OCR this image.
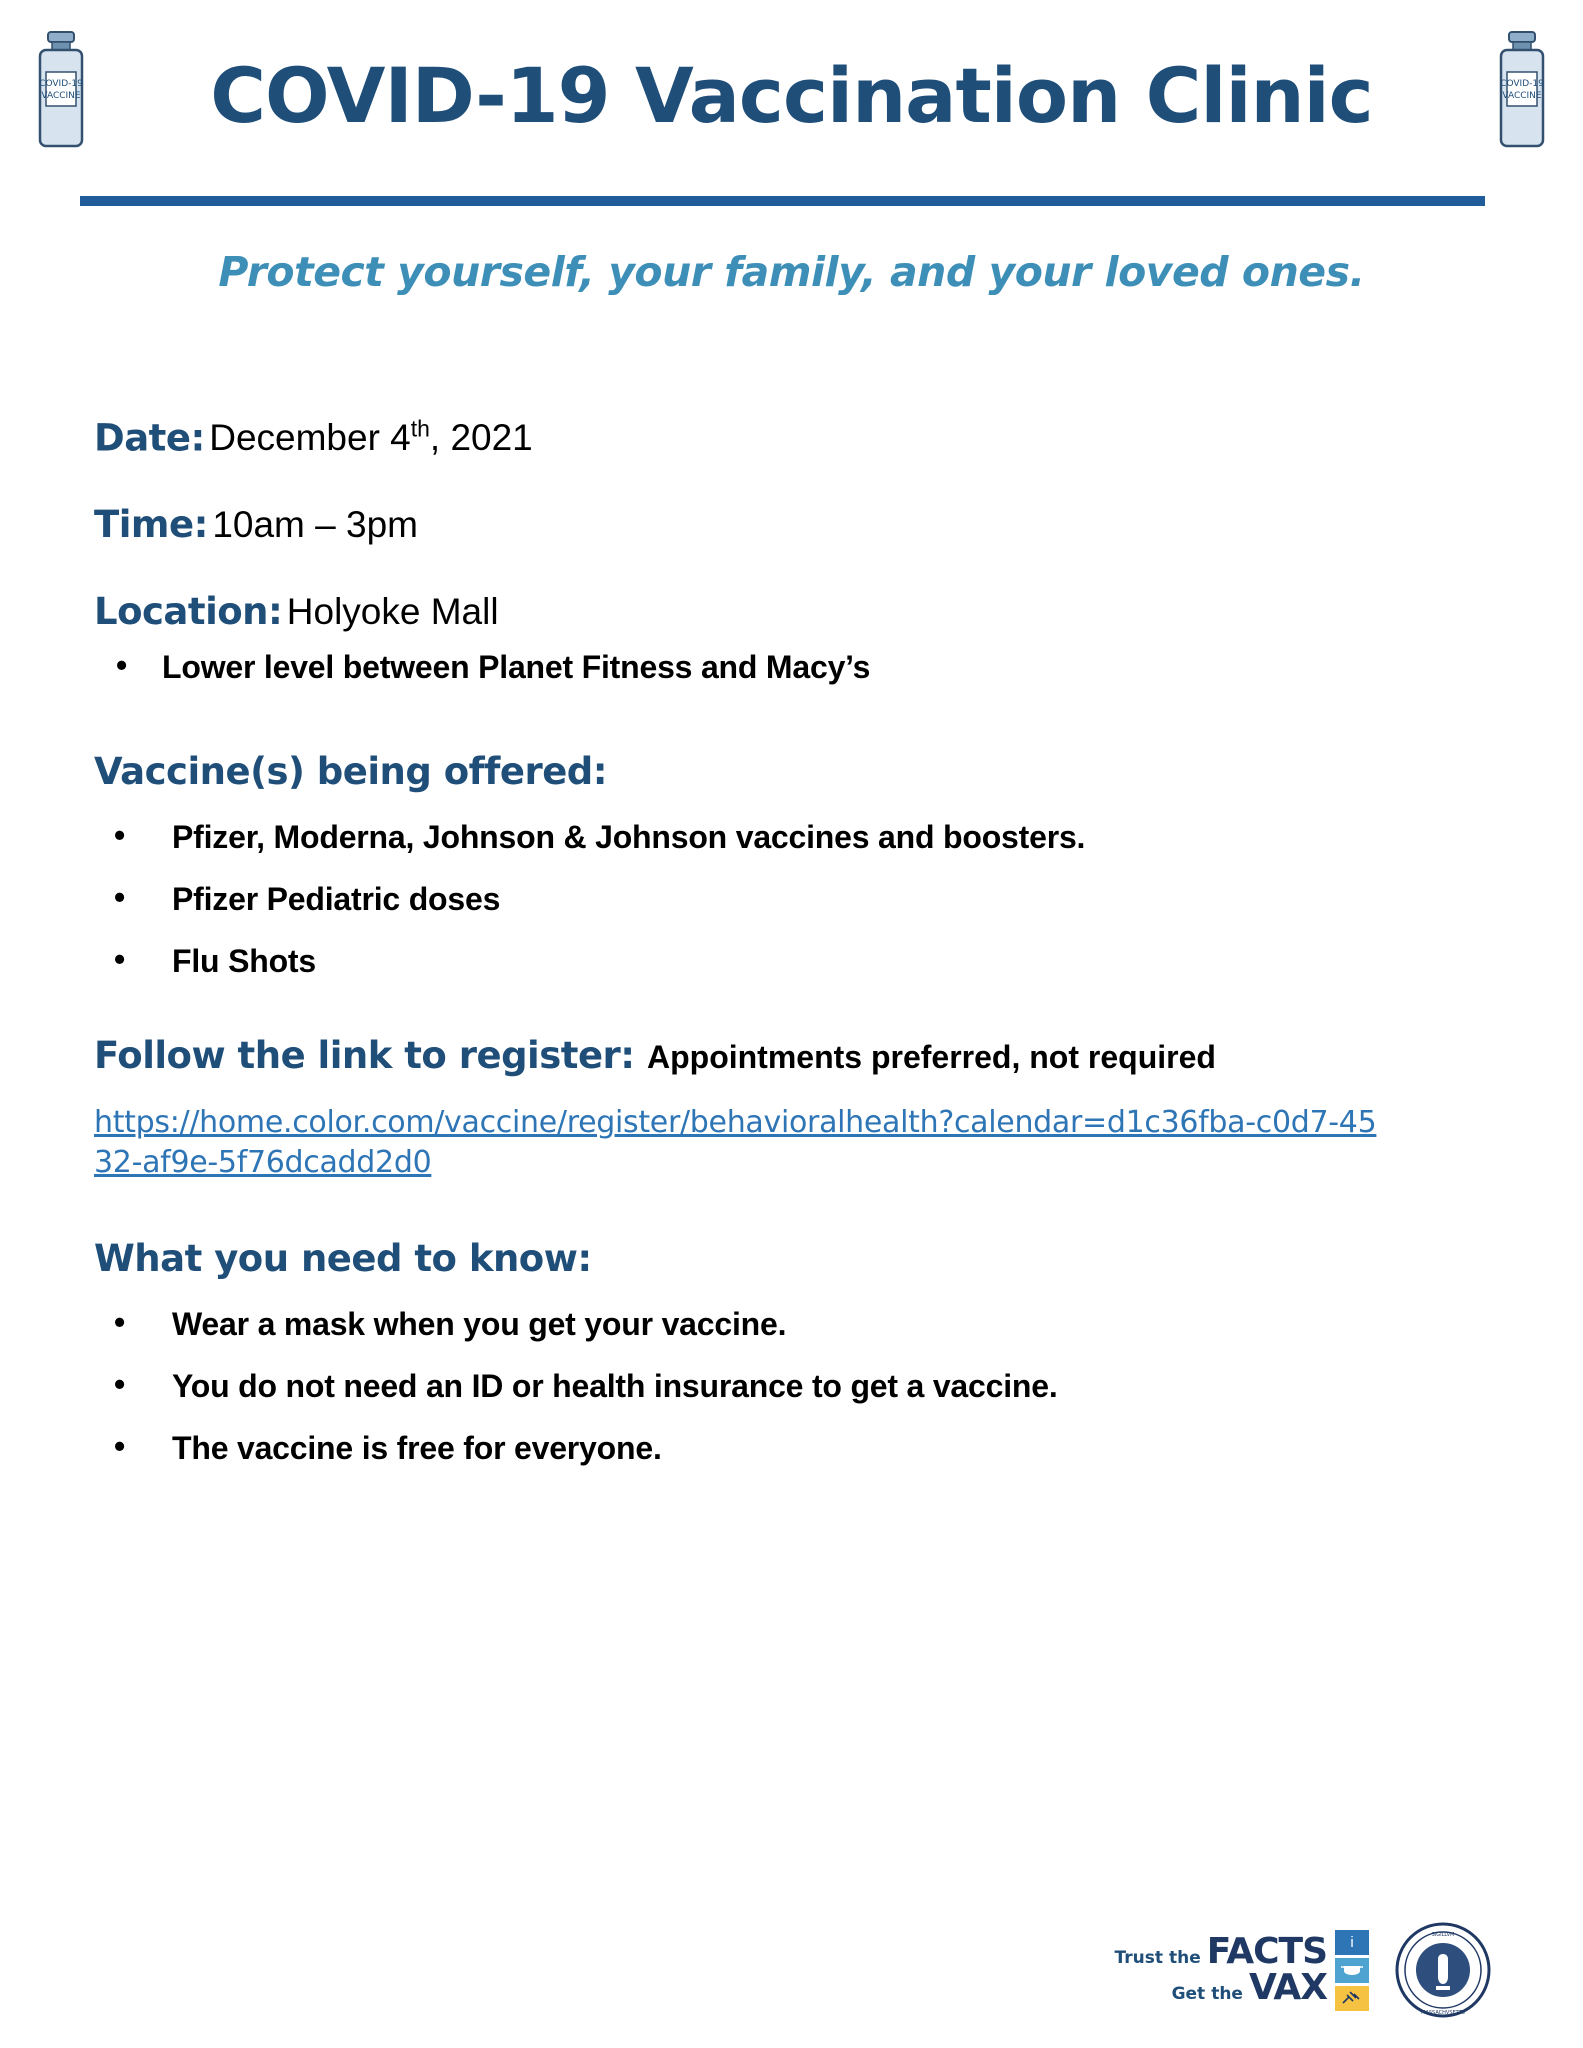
COVID-19
VACCINE COVID-19 Vaccination Clinic	COVID-19
VACCINE
Protect yourself, your family, and your loved ones.
Date: December 4th, 2021
Time: 10am – 3pm
Location: Holyoke Mall
• Lower level between Planet Fitness and Macy’s
Vaccine(s) being offered:
• Pfizer, Moderna, Johnson & Johnson vaccines and boosters.
• Pfizer Pediatric doses
• Flu Shots
Follow the link to register: Appointments preferred, not required
https://home.color.com/vaccine/register/behavioralhealth?calendar=d1c36fba-c0d7-4532-af9e-5f76dcadd2d0
What you need to know:
• Wear a mask when you get your vaccine.
• You do not need an ID or health insurance to get a vaccine.
• The vaccine is free for everyone.
Trust the FACTS
Get the VAX
i	SIGILLVM
MASSACHVSETTS
